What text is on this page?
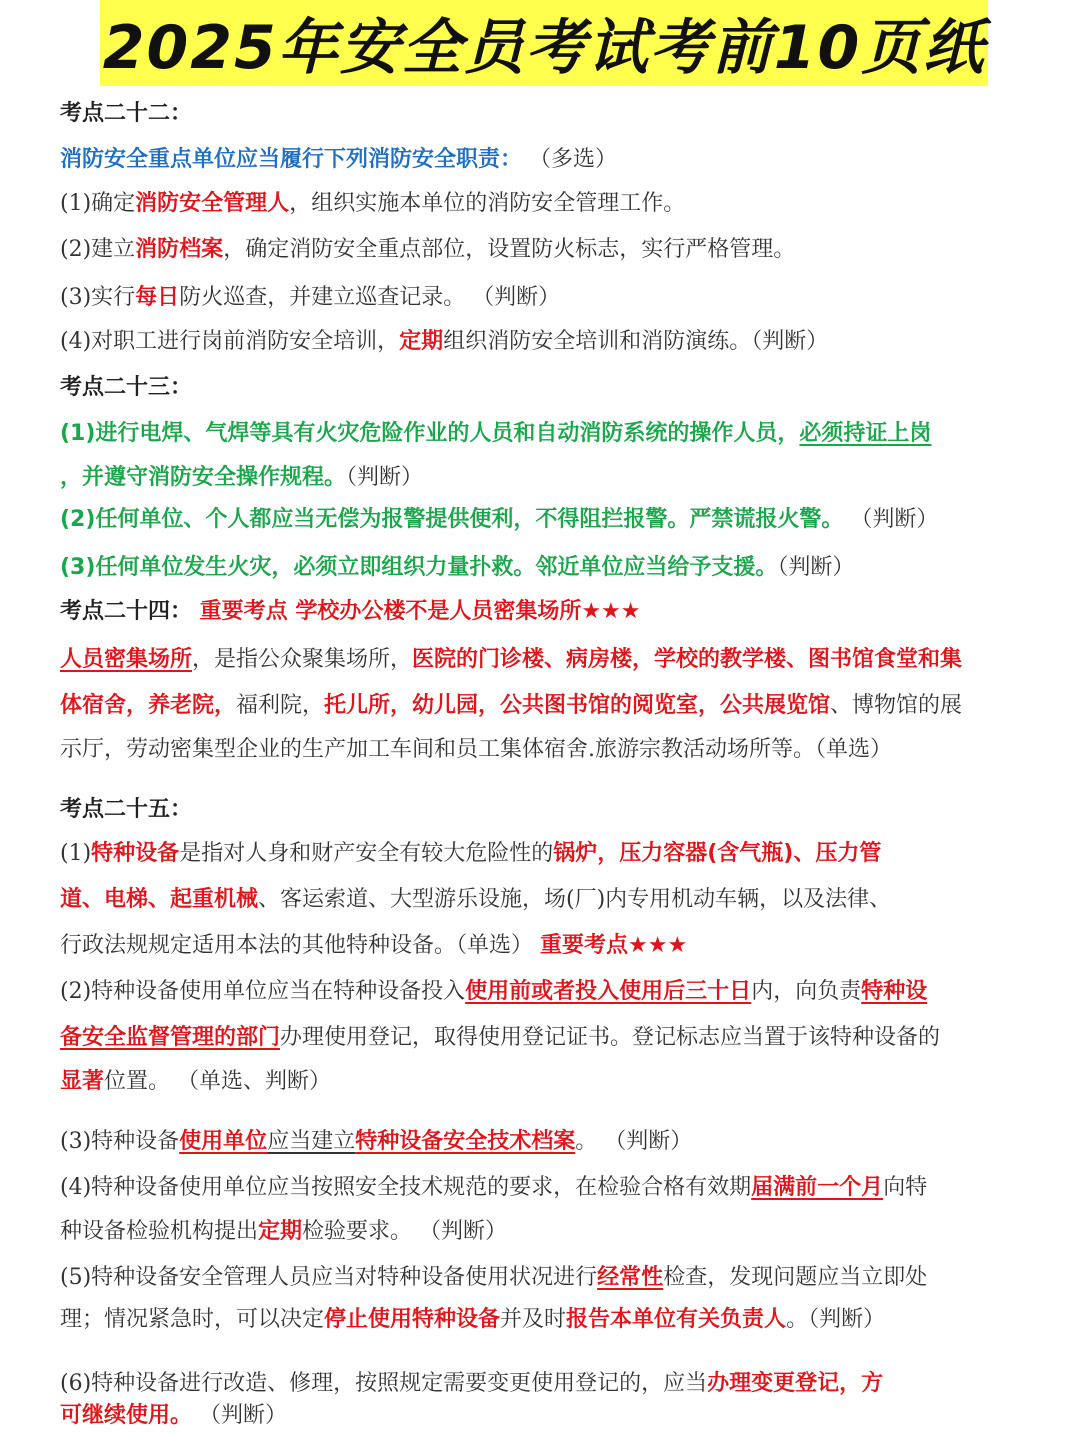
2025年安全员考试考前10页纸
考点二十二：
消防安全重点单位应当履行下列消防安全职责： （多选）
(1)确定消防安全管理人，组织实施本单位的消防安全管理工作。
(2)建立消防档案，确定消防安全重点部位，设置防火标志，实行严格管理。
(3)实行每日防火巡查，并建立巡查记录。 （判断）
(4)对职工进行岗前消防安全培训，定期组织消防安全培训和消防演练。（判断）
考点二十三：
(1)进行电焊、气焊等具有火灾危险作业的人员和自动消防系统的操作人员，必须持证上岗
，并遵守消防安全操作规程。（判断）
(2)任何单位、个人都应当无偿为报警提供便利，不得阻拦报警。严禁谎报火警。 （判断）
(3)任何单位发生火灾，必须立即组织力量扑救。邻近单位应当给予支援。（判断）
考点二十四： 重要考点 学校办公楼不是人员密集场所★★★
人员密集场所，是指公众聚集场所，医院的门诊楼、病房楼，学校的教学楼、图书馆食堂和集
体宿舍，养老院，福利院，托儿所，幼儿园，公共图书馆的阅览室，公共展览馆、博物馆的展
示厅，劳动密集型企业的生产加工车间和员工集体宿舍.旅游宗教活动场所等。（单选）
考点二十五：
(1)特种设备是指对人身和财产安全有较大危险性的锅炉，压力容器(含气瓶)、压力管
道、电梯、起重机械、客运索道、大型游乐设施，场(厂)内专用机动车辆，以及法律、
行政法规规定适用本法的其他特种设备。（单选） 重要考点★★★
(2)特种设备使用单位应当在特种设备投入使用前或者投入使用后三十日内，向负责特种设
备安全监督管理的部门办理使用登记，取得使用登记证书。登记标志应当置于该特种设备的
显著位置。 （单选、判断）
(3)特种设备使用单位应当建立特种设备安全技术档案。 （判断）
(4)特种设备使用单位应当按照安全技术规范的要求，在检验合格有效期届满前一个月向特
种设备检验机构提出定期检验要求。 （判断）
(5)特种设备安全管理人员应当对特种设备使用状况进行经常性检查，发现问题应当立即处
理；情况紧急时，可以决定停止使用特种设备并及时报告本单位有关负责人。（判断）
(6)特种设备进行改造、修理，按照规定需要变更使用登记的，应当办理变更登记，方
可继续使用。 （判断）
